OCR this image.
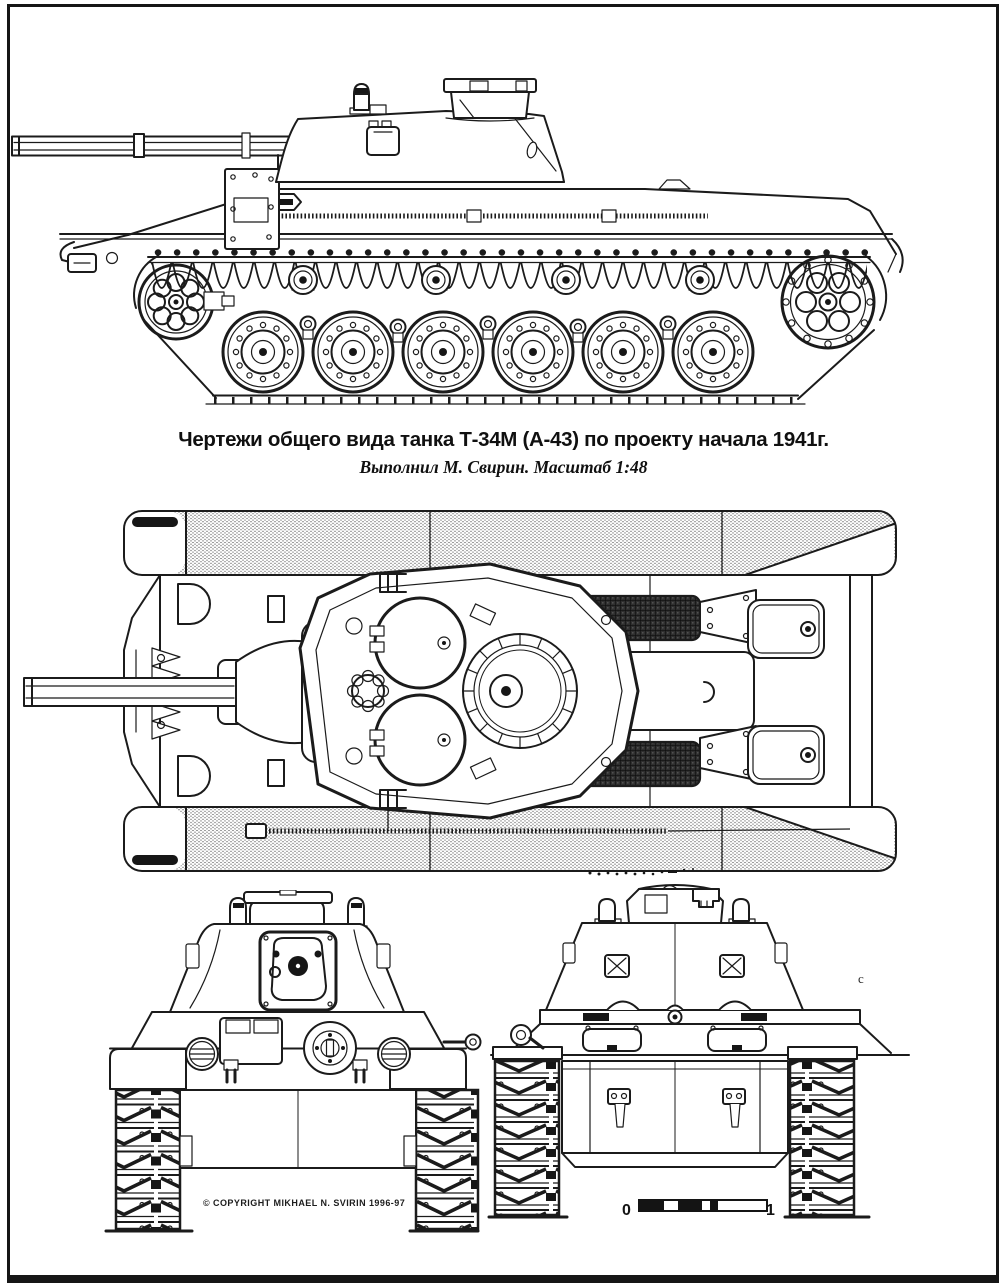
Чертежи общего вида танка Т-34М (А-43) по проекту начала 1941г.
Выполнил М. Свирин. Масштаб 1:48
© COPYRIGHT MIKHAEL N. SVIRIN 1996-97	0	1
c
